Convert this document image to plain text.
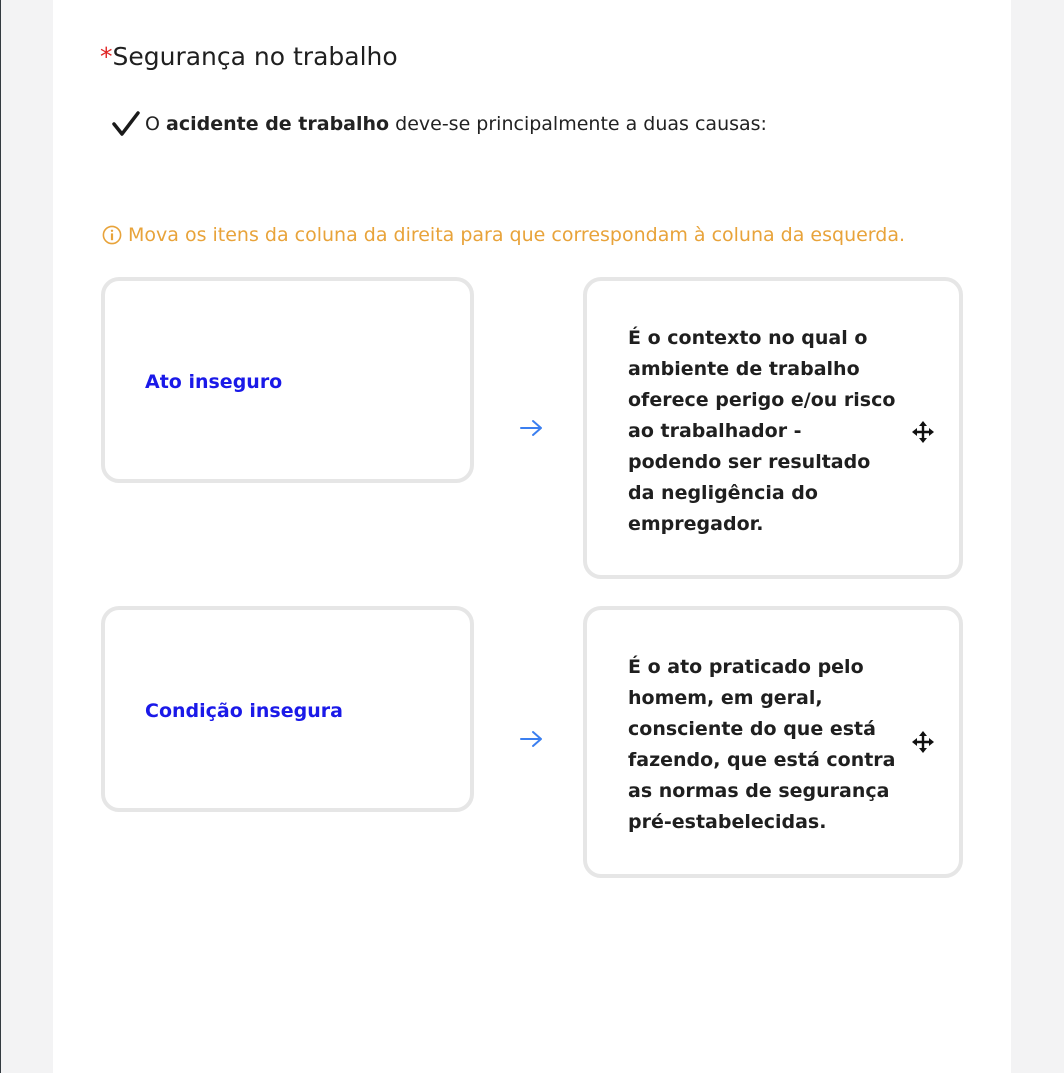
*Segurança no trabalho
O acidente de trabalho deve-se principalmente a duas causas:
Mova os itens da coluna da direita para que correspondam à coluna da esquerda.
Ato inseguro
É o contexto no qual o ambiente de trabalho oferece perigo e/ou risco ao trabalhador - podendo ser resultado da negligência do empregador.
Condição insegura
É o ato praticado pelo homem, em geral, consciente do que está fazendo, que está contra as normas de segurança pré-estabelecidas.
